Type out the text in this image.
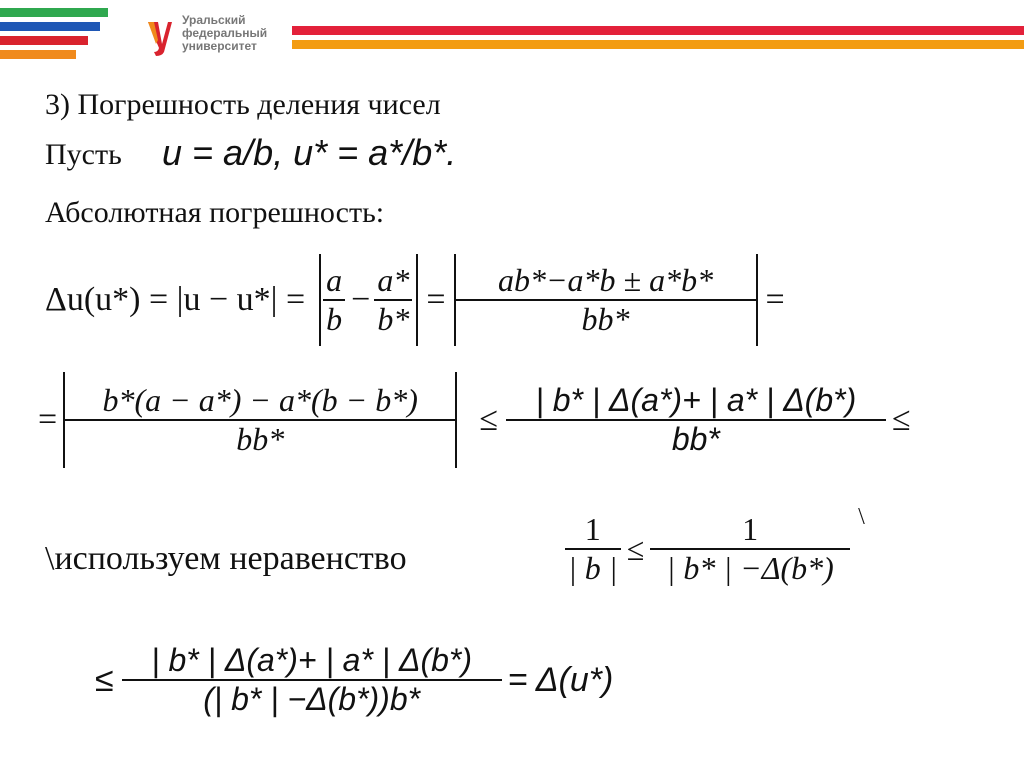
Уральский
федеральный
университет
3) Погрешность деления чисел
Пусть u = a/b, u* = a*/b*.
Абсолютная погрешность:
$\Delta u(u*) = |u - u*| = \frac{a}{b} - \frac{a*}{b*} = \frac{ab*-a*b \pm a*b*}{bb*}$ =
= $\frac{b*(a - a*) - a*(b - b*)}{bb*} \le \frac{| b* | \Delta(a*)+ | a* | \Delta(b*)}{bb*}$ ≤
\используем неравенство	$\frac{1}{| b |} \le \frac{1}{| b* | -\Delta(b*)}$ \
≤ $\frac{| b* | \Delta(a*)+ | a* | \Delta(b*)}{(| b* | -\Delta(b*))b*} = \Delta(u*)$
